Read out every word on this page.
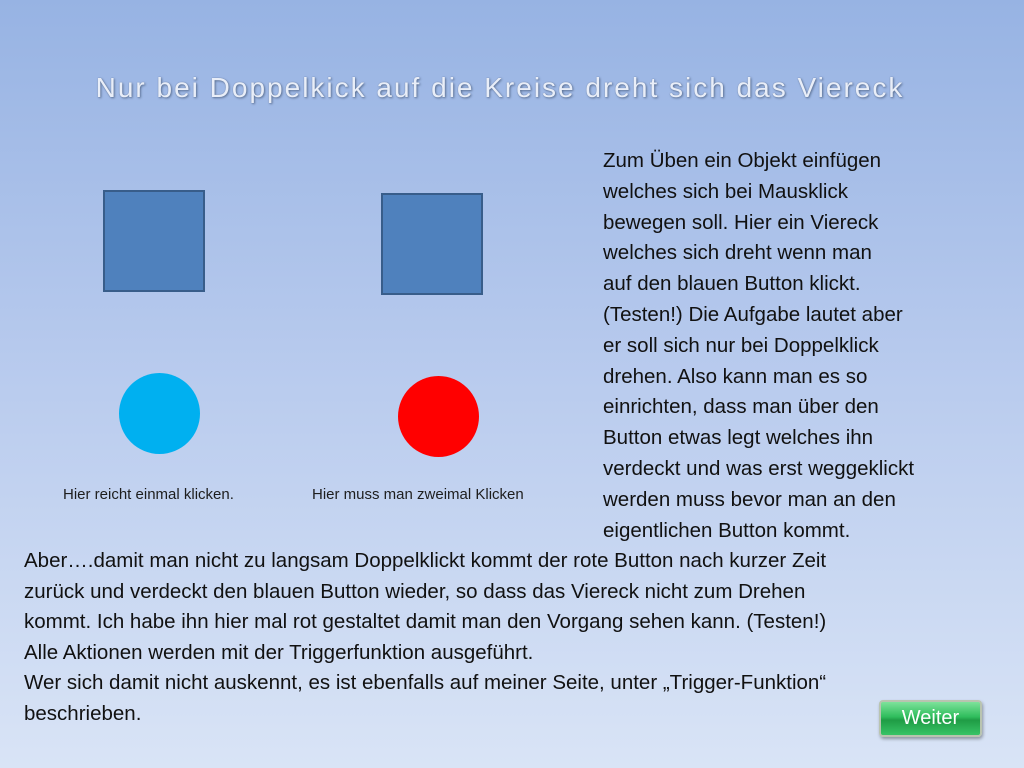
Nur bei Doppelkick auf die Kreise dreht sich das Viereck
Hier reicht einmal klicken.	Hier muss man zweimal Klicken
Zum Üben ein Objekt einfügen
welches sich bei Mausklick
bewegen soll. Hier ein Viereck
welches sich dreht wenn man
auf den blauen Button klickt.
(Testen!) Die Aufgabe lautet aber
er soll sich nur bei Doppelklick
drehen. Also kann man es so
einrichten, dass man über den
Button etwas legt welches ihn
verdeckt und was erst weggeklickt
werden muss bevor man an den
eigentlichen Button kommt.
Aber….damit man nicht zu langsam Doppelklickt kommt der rote Button nach kurzer Zeit
zurück und verdeckt den blauen Button wieder, so dass das Viereck nicht zum Drehen
kommt. Ich habe ihn hier mal rot gestaltet damit man den Vorgang sehen kann. (Testen!)
Alle Aktionen werden mit der Triggerfunktion ausgeführt.
Wer sich damit nicht auskennt, es ist ebenfalls auf meiner Seite, unter „Trigger-Funktion“
beschrieben.	Weiter
